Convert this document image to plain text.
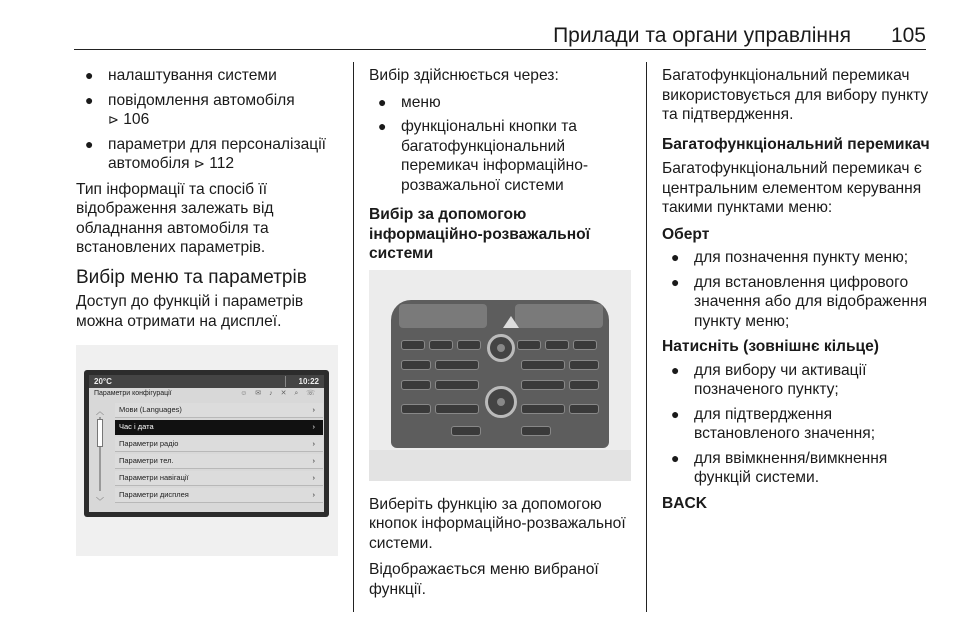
Прилади та органи управління 105
● налаштування системи
● повідомлення автомобіля
⊳ 106
● параметри для персоналізації автомобіля ⊳ 112

Тип інформації та спосіб її відображення залежать від обладнання автомобіля та встановлених параметрів.

Вибір меню та параметрів

Доступ до функцій і параметрів можна отримати на дисплеї.

20°C	10:22
Параметри конфігурації	☺ ✉ ♪ ✕ ⌕ ☏
︿
﹀
Мови (Languages)	›
Час і дата	›
Параметри радіо	›
Параметри тел.	›
Параметри навігації	›
Параметри дисплея	›

Вибір здійснюється через:

● меню
● функціональні кнопки та багатофункціональний перемикач інформаційно-розважальної системи
Вибір за допомогою інформаційно-розважальної системи

Виберіть функцію за допомогою кнопок інформаційно-розважальної системи.

Відображається меню вибраної функції.

Багатофункціональний перемикач використовується для вибору пункту та підтвердження.

Багатофункціональний перемикач

Багатофункціональний перемикач є центральним елементом керування такими пунктами меню:

Оберт
● для позначення пункту меню;
● для встановлення цифрового значення або для відображення пункту меню;
Натисніть (зовнішнє кільце)
● для вибору чи активації позначеного пункту;
● для підтвердження встановленого значення;
● для ввімкнення/вимкнення функцій системи.
BACK
